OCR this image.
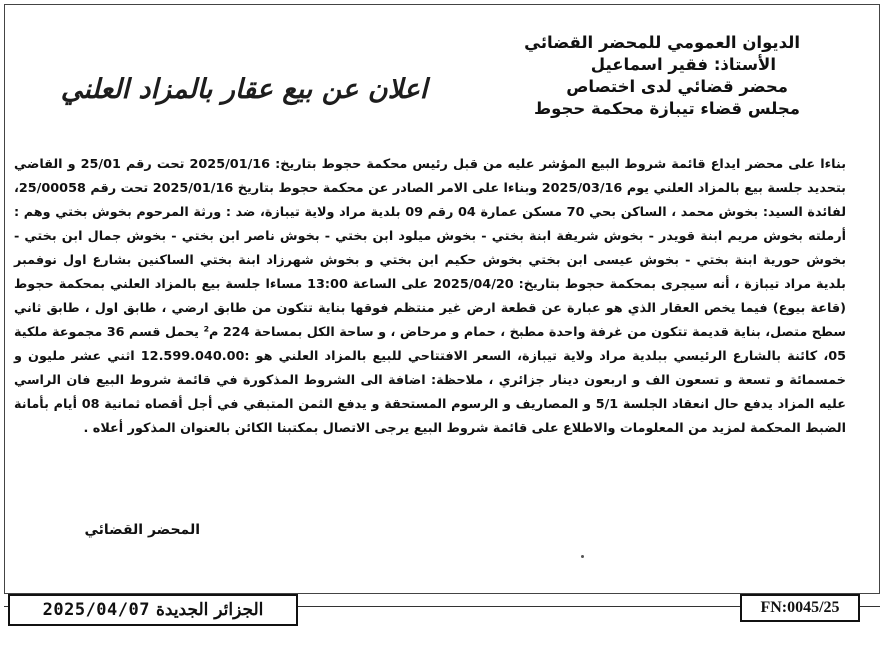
الديوان العمومي للمحضر القضائي
الأستاذ: فقير اسماعيل
محضر قضائي لدى اختصاص
مجلس قضاء تيبازة محكمة حجوط
اعلان عن بيع عقار بالمزاد العلني

بناءا على محضر ايداع قائمة شروط البيع المؤشر عليه من قبل رئيس محكمة حجوط بتاريخ: 2025/01/16 تحت رقم 25/01 و القاضي بتحديد جلسة بيع بالمزاد العلني يوم 2025/03/16 وبناءا على الامر الصادر عن محكمة حجوط بتاريخ 2025/01/16 تحت رقم 25/00058، لفائدة السيد: بخوش محمد ، الساكن بحي 70 مسكن عمارة 04 رقم 09 بلدية مراد ولاية تيبازة، ضد : ورثة المرحوم بخوش بختي وهم : أرملته بخوش مريم ابنة قويدر - بخوش شريفة ابنة بختي - بخوش ميلود ابن بختي - بخوش ناصر ابن بختي - بخوش جمال ابن بختي - بخوش حورية ابنة بختي - بخوش عيسى ابن بختي بخوش حكيم ابن بختي و بخوش شهرزاد ابنة بختي الساكنين بشارع اول نوفمبر بلدية مراد تيبازة ، أنه سيجرى بمحكمة حجوط بتاريخ: 2025/04/20 على الساعة 13:00 مساءا جلسة بيع بالمزاد العلني بمحكمة حجوط (قاعة بيوع) فيما يخص العقار الذي هو عبارة عن قطعة ارض غير منتظم فوقها بناية تتكون من طابق ارضي ، طابق اول ، طابق ثاني سطح متصل، بناية قديمة تتكون من غرفة واحدة مطبخ ، حمام و مرحاض ، و ساحة الكل بمساحة 224 م² يحمل قسم 36 مجموعة ملكية 05، كائنة بالشارع الرئيسي ببلدية مراد ولاية تيبازة، السعر الافتتاحي للبيع بالمزاد العلني هو :12.599.040.00 اثني عشر مليون و خمسمائة و تسعة و تسعون الف و اربعون دينار جزائري ، ملاحظة: اضافة الى الشروط المذكورة في قائمة شروط البيع فان الراسي عليه المزاد يدفع حال انعقاد الجلسة 5/1 و المصاريف و الرسوم المستحقة و يدفع الثمن المتبقي في أجل أقصاه ثمانية 08 أيام بأمانة الضبط المحكمة لمزيد من المعلومات والاطلاع على قائمة شروط البيع يرجى الاتصال بمكتبنا الكائن بالعنوان المذكور أعلاه .

المحضر القضائي
2025/04/07 الجزائر الجديدة	FN:0045/25
